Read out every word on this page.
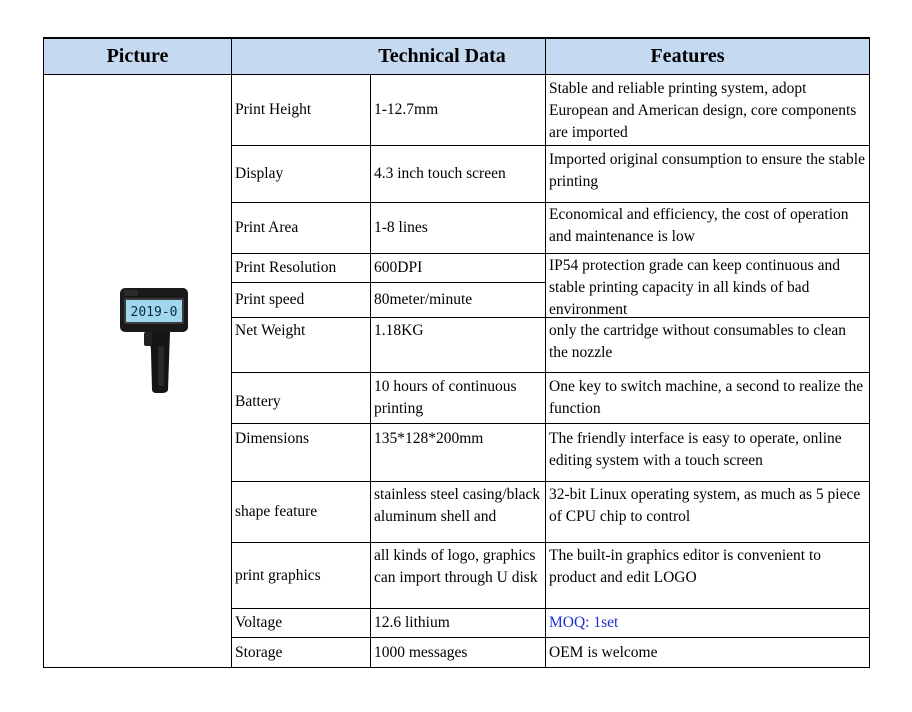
Picture	Technical Data	Features
2019-0
Print Height
Display
Print Area
Print Resolution
Print speed
Net Weight
Battery
Dimensions
shape feature
print graphics
Voltage
Storage
1-12.7mm
4.3 inch touch screen
1-8 lines
600DPI
80meter/minute
1.18KG
10 hours of continuous printing
135*128*200mm
stainless steel casing/black aluminum shell and
all kinds of logo, graphics can import through U disk
12.6 lithium
1000 messages
Stable and reliable printing system, adopt European and American design, core components are imported
Imported original consumption to ensure the stable printing
Economical and efficiency, the cost of operation and maintenance is low
IP54 protection grade can keep continuous and stable printing capacity in all kinds of bad environment
only the cartridge without consumables to clean the nozzle
One key to switch machine, a second to realize the function
The friendly interface is easy to operate, online editing system with a touch screen
32-bit Linux operating system, as much as 5 piece of CPU chip to control
The built-in graphics editor is convenient to product and edit LOGO
MOQ: 1set
OEM is welcome
